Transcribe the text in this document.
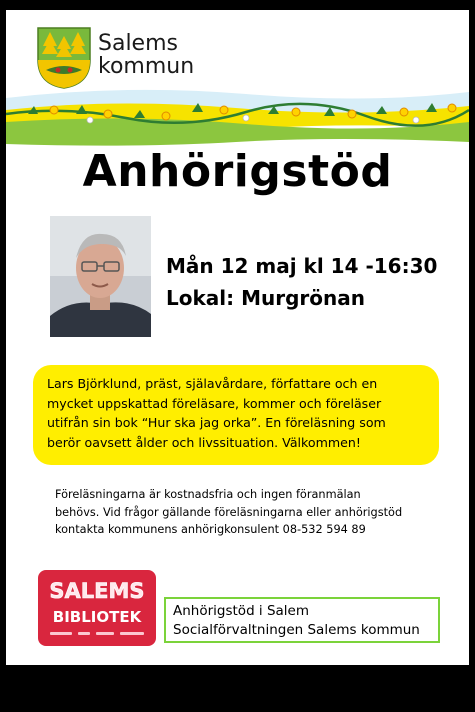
Salems
kommun
Anhörigstöd
Mån 12 maj kl 14 -16:30
Lokal: Murgrönan
Lars Björklund, präst, själavårdare, författare och en
mycket uppskattad föreläsare, kommer och föreläser
utifrån sin bok “Hur ska jag orka”. En föreläsning som
berör oavsett ålder och livssituation. Välkommen!
Föreläsningarna är kostnadsfria och ingen föranmälan
behövs. Vid frågor gällande föreläsningarna eller anhörigstöd
kontakta kommunens anhörigkonsulent 08-532 594 89
SALEMS
BIBLIOTEK Anhörigstöd i Salem
Socialförvaltningen Salems kommun
